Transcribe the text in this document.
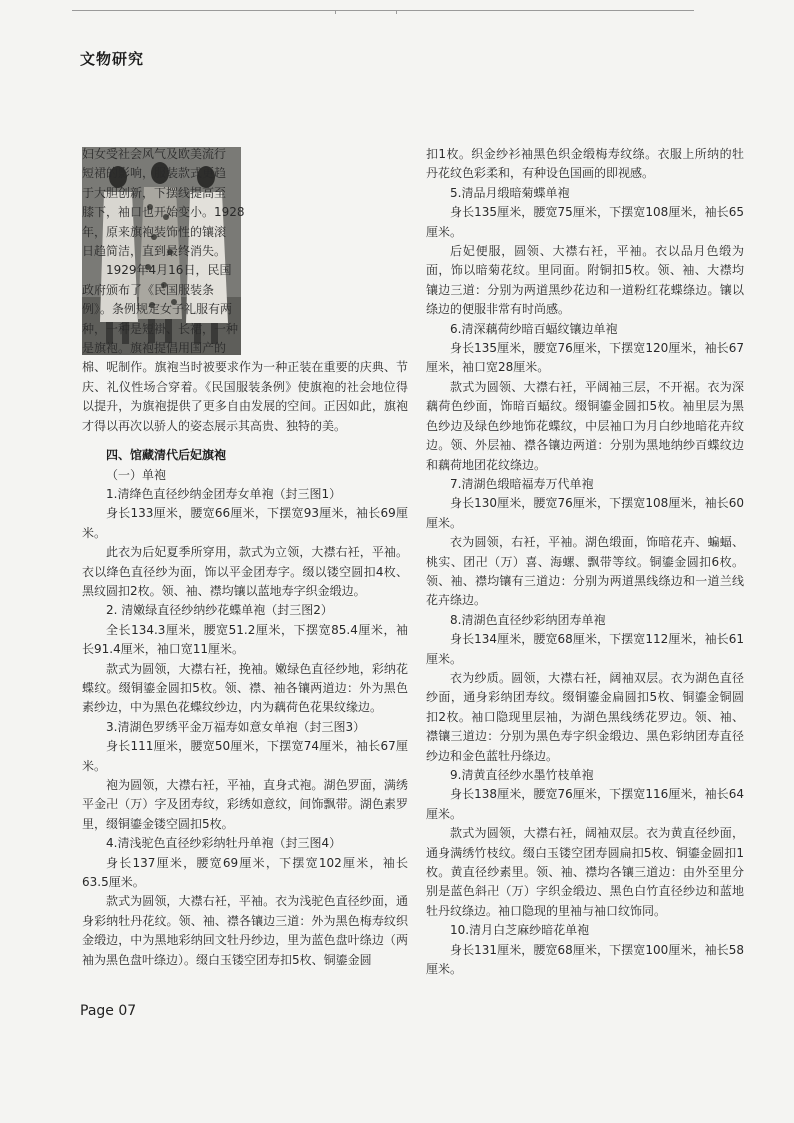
文物研究

妇女受社会风气及欧美流行

短裙的影响，服装款式更趋

于大胆创新，下摆线提高至

膝下，袖口也开始变小。1928

年，原来旗袍装饰性的镶滚

日趋简洁，直到最终消失。

1929年4月16日，民国

政府颁布了《民国服装条

例》。条例规定女子礼服有两

种，一种是短褂、长裙，一种

是旗袍。旗袍提倡用国产的

棉、呢制作。旗袍当时被要求作为一种正装在重要的庆典、节庆、礼仪性场合穿着。《民国服装条例》使旗袍的社会地位得以提升，为旗袍提供了更多自由发展的空间。正因如此，旗袍才得以再次以骄人的姿态展示其高贵、独特的美。

四、馆藏清代后妃旗袍

（一）单袍

1.清绛色直径纱纳金团寿女单袍（封三图1）

身长133厘米，腰宽66厘米，下摆宽93厘米，袖长69厘米。

此衣为后妃夏季所穿用，款式为立领，大襟右衽，平袖。衣以绛色直径纱为面，饰以平金团寿字。缀以镂空圆扣4枚、黑纹圆扣2枚。领、袖、襟均镶以蓝地寿字织金缎边。

2. 清嫩绿直径纱纳纱花蝶单袍（封三图2）

全长134.3厘米，腰宽51.2厘米，下摆宽85.4厘米，袖长91.4厘米，袖口宽11厘米。

款式为圆领，大襟右衽，挽袖。嫩绿色直径纱地，彩纳花蝶纹。缀铜鎏金圆扣5枚。领、襟、袖各镶两道边：外为黑色素纱边，中为黑色花蝶纹纱边，内为藕荷色花果纹缘边。

3.清湖色罗绣平金万福寿如意女单袍（封三图3）

身长111厘米，腰宽50厘米，下摆宽74厘米，袖长67厘米。

袍为圆领，大襟右衽，平袖，直身式袍。湖色罗面，满绣平金卍（万）字及团寿纹，彩绣如意纹，间饰飘带。湖色素罗里，缀铜鎏金镂空圆扣5枚。

4.清浅驼色直径纱彩纳牡丹单袍（封三图4）

身长137厘米，腰宽69厘米，下摆宽102厘米，袖长63.5厘米。

款式为圆领，大襟右衽，平袖。衣为浅驼色直径纱面，通身彩纳牡丹花纹。领、袖、襟各镶边三道：外为黑色梅寿纹织金缎边，中为黑地彩纳回文牡丹纱边，里为蓝色盘叶绦边（两袖为黑色盘叶绦边）。缀白玉镂空团寿扣5枚、铜鎏金圆

扣1枚。织金纱衫袖黑色织金缎梅寿纹绦。衣服上所纳的牡丹花纹色彩柔和，有种设色国画的即视感。

5.清品月缎暗菊蝶单袍

身长135厘米，腰宽75厘米，下摆宽108厘米，袖长65厘米。

后妃便服，圆领、大襟右衽，平袖。衣以品月色缎为面，饰以暗菊花纹。里同面。附铜扣5枚。领、袖、大襟均镶边三道：分别为两道黑纱花边和一道粉红花蝶绦边。镶以绦边的便服非常有时尚感。

6.清深藕荷纱暗百蝠纹镶边单袍

身长135厘米，腰宽76厘米，下摆宽120厘米，袖长67厘米，袖口宽28厘米。

款式为圆领、大襟右衽，平阔袖三层，不开裾。衣为深藕荷色纱面，饰暗百蝠纹。缀铜鎏金圆扣5枚。袖里层为黑色纱边及绿色纱地饰花蝶纹，中层袖口为月白纱地暗花卉纹边。领、外层袖、襟各镶边两道：分别为黑地纳纱百蝶纹边和藕荷地团花纹绦边。

7.清湖色缎暗福寿万代单袍

身长130厘米，腰宽76厘米，下摆宽108厘米，袖长60厘米。

衣为圆领，右衽，平袖。湖色缎面，饰暗花卉、蝙蝠、桃实、团卍（万）喜、海螺、飘带等纹。铜鎏金圆扣6枚。领、袖、襟均镶有三道边：分别为两道黑线绦边和一道兰线花卉绦边。

8.清湖色直径纱彩纳团寿单袍

身长134厘米，腰宽68厘米，下摆宽112厘米，袖长61厘米。

衣为纱质。圆领，大襟右衽，阔袖双层。衣为湖色直径纱面，通身彩纳团寿纹。缀铜鎏金扁圆扣5枚、铜鎏金铜圆扣2枚。袖口隐现里层袖，为湖色黑线绣花罗边。领、袖、襟镶三道边：分别为黑色寿字织金缎边、黑色彩纳团寿直径纱边和金色蓝牡丹绦边。

9.清黄直径纱水墨竹枝单袍

身长138厘米，腰宽76厘米，下摆宽116厘米，袖长64厘米。

款式为圆领，大襟右衽，阔袖双层。衣为黄直径纱面，通身满绣竹枝纹。缀白玉镂空团寿圆扁扣5枚、铜鎏金圆扣1枚。黄直径纱素里。领、袖、襟均各镶三道边：由外至里分别是蓝色斜卍（万）字织金缎边、黑色白竹直径纱边和蓝地牡丹纹绦边。袖口隐现的里袖与袖口纹饰同。

10.清月白芝麻纱暗花单袍

身长131厘米，腰宽68厘米，下摆宽100厘米，袖长58厘米。

Page 07
